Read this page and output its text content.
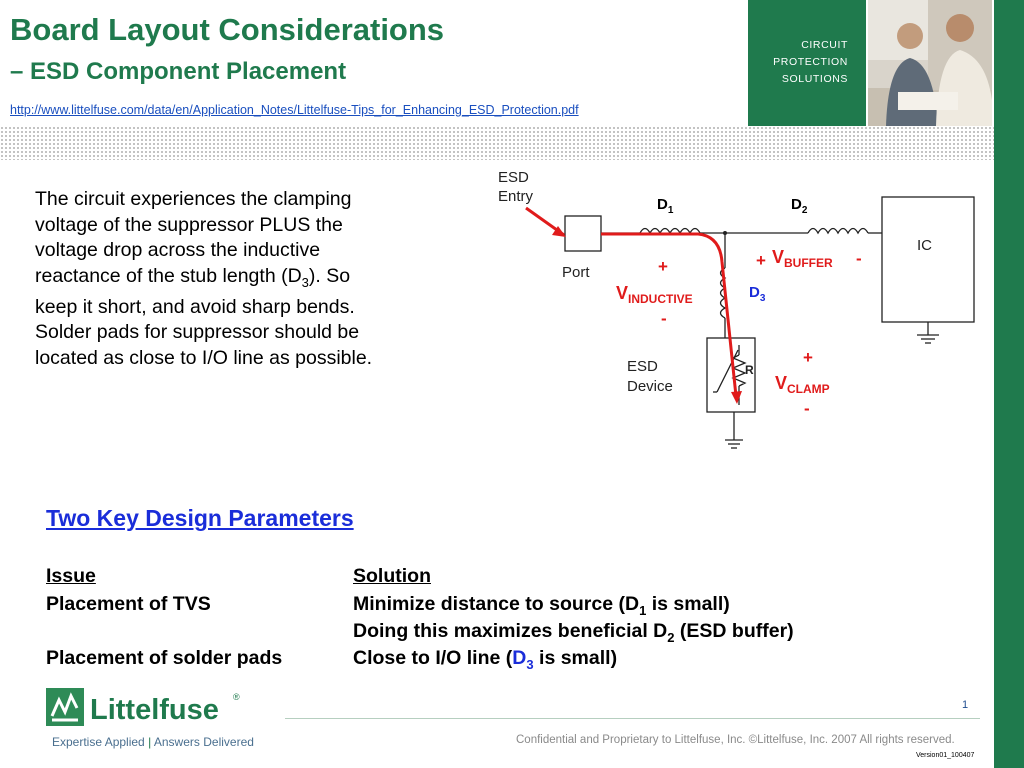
Board Layout Considerations
– ESD Component Placement
http://www.littelfuse.com/data/en/Application_Notes/Littelfuse-Tips_for_Enhancing_ESD_Protection.pdf
CIRCUIT
PROTECTION
SOLUTIONS
The circuit experiences the clamping voltage of the suppressor PLUS the voltage drop across the inductive reactance of the stub length $(D_3)$. So keep it short, and avoid sharp bends. Solder pads for suppressor should be located as close to I/O line as possible.
ESD
Entry
Port
IC
ESD
Device
R
$D_1$	$D_2$
$D_3$
+
$V_{INDUCTIVE}$
-
+ $V_{BUFFER}$ -
+
$V_{CLAMP}$
-
Two Key Design Parameters
Issue	Solution
Placement of TVS	Minimize distance to source ($D_1$ is small)
Doing this maximizes beneficial $D_2$ (ESD buffer)
Placement of solder pads	Close to I/O line ($D_3$ is small)
Littelfuse ®
Expertise Applied | Answers Delivered
1
Confidential and Proprietary to Littelfuse, Inc. ©Littelfuse, Inc. 2007 All rights reserved.
Version01_100407
